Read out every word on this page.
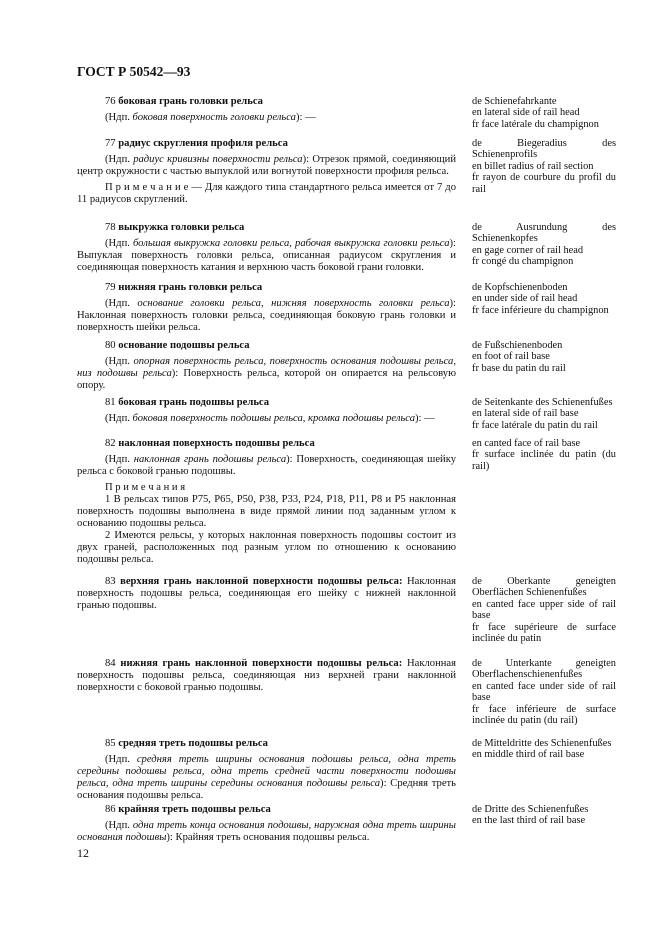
ГОСТ Р 50542—93

76 боковая грань головки рельса

(Ндп. боковая поверхность головки рельса): —

de Schienefahrkante

en lateral side of rail head

fr face latérale du champignon

77 радиус скругления профиля рельса

(Ндп. радиус кривизны поверхности рельса): Отрезок прямой, соединяющий центр окружности с частью выпуклой или вогнутой поверхности профиля рельса.

П р и м е ч а н и е — Для каждого типа стандартного рельса имеется от 7 до 11 радиусов скруглений.

de Biegeradius des Schienenprofils

en billet radius of rail section

fr rayon de courbure du profil du rail

78 выкружка головки рельса

(Ндп. большая выкружка головки рельса, рабочая выкружка головки рельса): Выпуклая поверхность головки рельса, описанная радиусом скругления и соединяющая поверхность катания и верхнюю часть боковой грани головки.

de Ausrundung des Schienenkopfes

en gage corner of rail head

fr congé du champignon

79 нижняя грань головки рельса

(Ндп. основание головки рельса, нижняя поверхность головки рельса): Наклонная поверхность головки рельса, соединяющая боковую грань головки и поверхность шейки рельса.

de Kopfschienenboden

en under side of rail head

fr face inférieure du champignon

80 основание подошвы рельса

(Ндп. опорная поверхность рельса, поверхность основания подошвы рельса, низ подошвы рельса): Поверхность рельса, которой он опирается на рельсовую опору.

de Fußschienenboden

en foot of rail base

fr base du patin du rail

81 боковая грань подошвы рельса

(Ндп. боковая поверхность подошвы рельса, кромка подошвы рельса): —

de Seitenkante des Schienenfußes

en lateral side of rail base

fr face latérale du patin du rail

82 наклонная поверхность подошвы рельса

(Ндп. наклонная грань подошвы рельса): Поверхность, соединяющая шейку рельса с боковой гранью подошвы.

П р и м е ч а н и я

1 В рельсах типов Р75, Р65, Р50, Р38, Р33, Р24, Р18, Р11, Р8 и Р5 наклонная поверхность подошвы выполнена в виде прямой линии под заданным углом к основанию подошвы рельса.

2 Имеются рельсы, у которых наклонная поверхность подошвы состоит из двух граней, расположенных под разным углом по отношению к основанию подошвы рельса.

en canted face of rail base

fr surface inclinée du patin (du rail)

83 верхняя грань наклонной поверхности подошвы рельса: Наклонная поверхность подошвы рельса, соединяющая его шейку с нижней наклонной гранью подошвы.

de Oberkante geneigten Oberflächen Schienenfußes

en canted face upper side of rail base

fr face supérieure de surface inclinée du patin

84 нижняя грань наклонной поверхности подошвы рельса: Наклонная поверхность подошвы рельса, соединяющая низ верхней грани наклонной поверхности с боковой гранью подошвы.

de Unterkante geneigten Oberflachenschienenfußes

en canted face under side of rail base

fr face inférieure de surface inclinée du patin (du rail)

85 средняя треть подошвы рельса

(Ндп. средняя треть ширины основания подошвы рельса, одна треть середины подошвы рельса, одна треть средней части поверхности подошвы рельса, одна треть ширины середины основания подошвы рельса): Средняя треть основания подошвы рельса.

de Mitteldritte des Schienenfußes

en middle third of rail base

86 крайняя треть подошвы рельса

(Ндп. одна треть конца основания подошвы, наружная одна треть ширины основания подошвы): Крайняя треть основания подошвы рельса.

de Dritte des Schienenfußes

en the last third of rail base

12
